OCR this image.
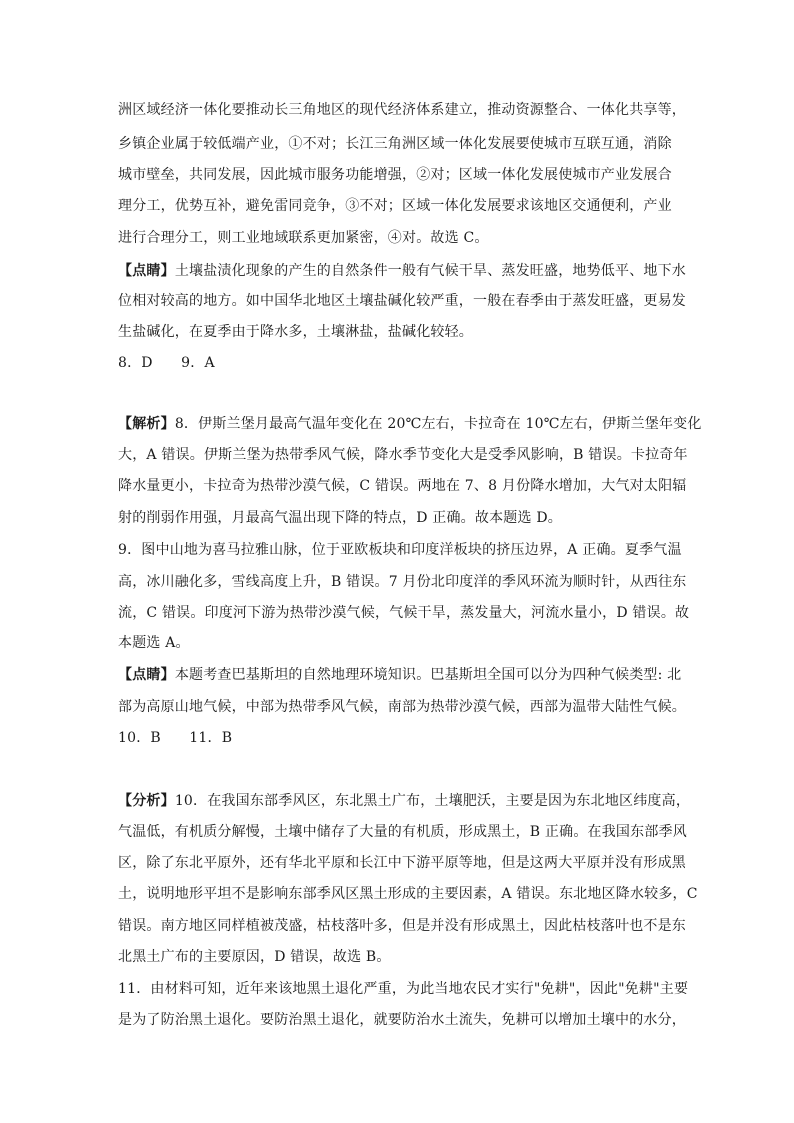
洲区域经济一体化要推动长三角地区的现代经济体系建立，推动资源整合、一体化共享等，
乡镇企业属于较低端产业，①不对；长江三角洲区域一体化发展要使城市互联互通，消除
城市壁垒，共同发展，因此城市服务功能增强，②对；区域一体化发展使城市产业发展合
理分工，优势互补，避免雷同竞争，③不对；区域一体化发展要求该地区交通便利，产业
进行合理分工，则工业地域联系更加紧密，④对。故选 C。
【点睛】土壤盐渍化现象的产生的自然条件一般有气候干旱、蒸发旺盛，地势低平、地下水
位相对较高的地方。如中国华北地区土壤盐碱化较严重，一般在春季由于蒸发旺盛，更易发
生盐碱化，在夏季由于降水多，土壤淋盐，盐碱化较轻。
8．D　　9．A
【解析】8．伊斯兰堡月最高气温年变化在 20℃左右，卡拉奇在 10℃左右，伊斯兰堡年变化
大，A 错误。伊斯兰堡为热带季风气候，降水季节变化大是受季风影响，B 错误。卡拉奇年
降水量更小，卡拉奇为热带沙漠气候，C 错误。两地在 7、8 月份降水增加，大气对太阳辐
射的削弱作用强，月最高气温出现下降的特点，D 正确。故本题选 D。
9．图中山地为喜马拉雅山脉，位于亚欧板块和印度洋板块的挤压边界，A 正确。夏季气温
高，冰川融化多，雪线高度上升，B 错误。7 月份北印度洋的季风环流为顺时针，从西往东
流，C 错误。印度河下游为热带沙漠气候，气候干旱，蒸发量大，河流水量小，D 错误。故
本题选 A。
【点睛】本题考查巴基斯坦的自然地理环境知识。巴基斯坦全国可以分为四种气候类型: 北
部为高原山地气候，中部为热带季风气候，南部为热带沙漠气候，西部为温带大陆性气候。
10．B　　11．B
【分析】10．在我国东部季风区，东北黑土广布，土壤肥沃，主要是因为东北地区纬度高，
气温低，有机质分解慢，土壤中储存了大量的有机质，形成黑土，B 正确。在我国东部季风
区，除了东北平原外，还有华北平原和长江中下游平原等地，但是这两大平原并没有形成黑
土，说明地形平坦不是影响东部季风区黑土形成的主要因素，A 错误。东北地区降水较多，C
错误。南方地区同样植被茂盛，枯枝落叶多，但是并没有形成黑土，因此枯枝落叶也不是东
北黑土广布的主要原因，D 错误，故选 B。
11．由材料可知，近年来该地黑土退化严重，为此当地农民才实行"免耕"，因此"免耕"主要
是为了防治黑土退化。要防治黑土退化，就要防治水土流失，免耕可以增加土壤中的水分，
